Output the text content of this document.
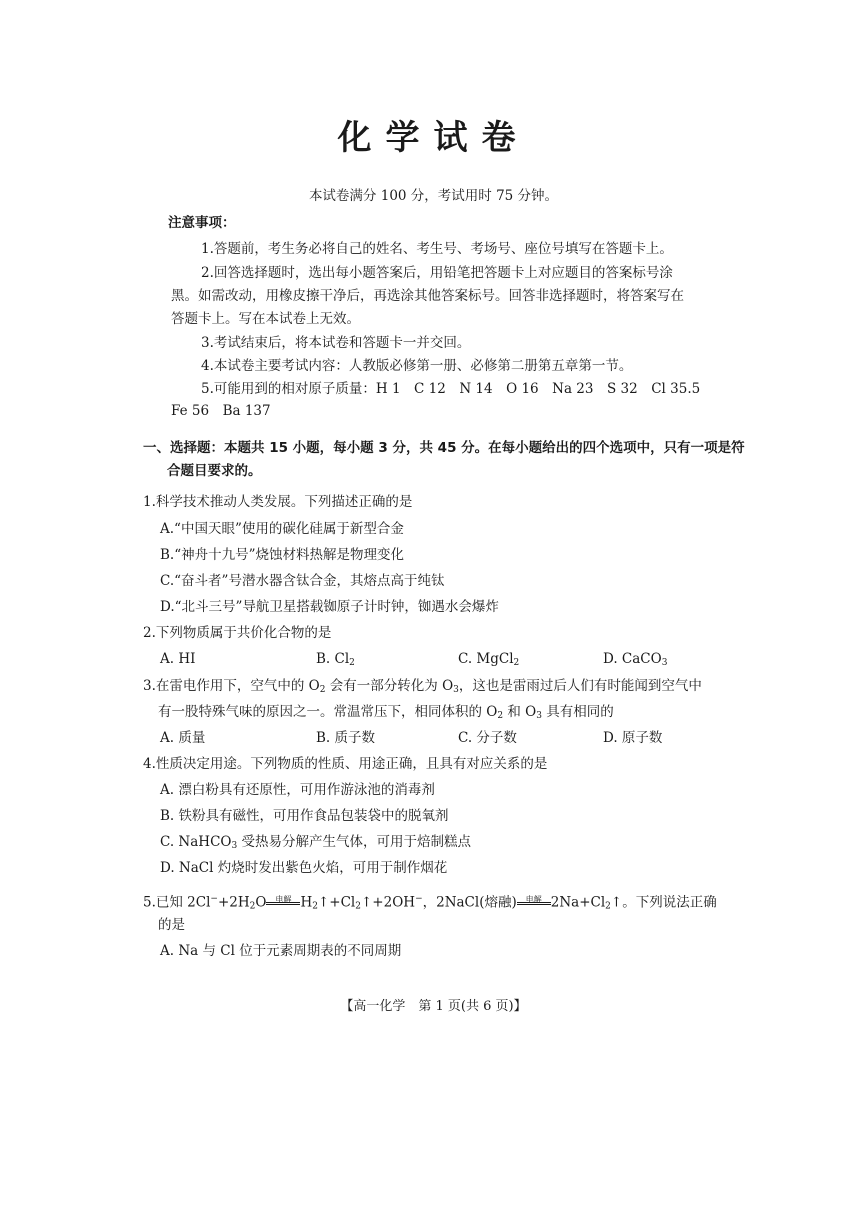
化学试卷
本试卷满分 100 分，考试用时 75 分钟。
注意事项：
1.答题前，考生务必将自己的姓名、考生号、考场号、座位号填写在答题卡上。
2.回答选择题时，选出每小题答案后，用铅笔把答题卡上对应题目的答案标号涂
黑。如需改动，用橡皮擦干净后，再选涂其他答案标号。回答非选择题时，将答案写在
答题卡上。写在本试卷上无效。
3.考试结束后，将本试卷和答题卡一并交回。
4.本试卷主要考试内容：人教版必修第一册、必修第二册第五章第一节。
5.可能用到的相对原子质量：H 1　C 12　N 14　O 16　Na 23　S 32　Cl 35.5
Fe 56　Ba 137
一、选择题：本题共 15 小题，每小题 3 分，共 45 分。在每小题给出的四个选项中，只有一项是符
合题目要求的。
1.科学技术推动人类发展。下列描述正确的是
A.“中国天眼”使用的碳化硅属于新型合金
B.“神舟十九号”烧蚀材料热解是物理变化
C.“奋斗者”号潜水器含钛合金，其熔点高于纯钛
D.“北斗三号”导航卫星搭载铷原子计时钟，铷遇水会爆炸
2.下列物质属于共价化合物的是
A. HI	B. $Cl_2$	C. MgCl$_2$	D. CaCO$_3$
3.在雷电作用下，空气中的 $O_2$ 会有一部分转化为 $O_3$，这也是雷雨过后人们有时能闻到空气中
有一股特殊气味的原因之一。常温常压下，相同体积的 $O_2$ 和 $O_3$ 具有相同的
A. 质量	B. 质子数	C. 分子数	D. 原子数
4.性质决定用途。下列物质的性质、用途正确，且具有对应关系的是
A. 漂白粉具有还原性，可用作游泳池的消毒剂
B. 铁粉具有磁性，可用作食品包装袋中的脱氧剂
C. NaHCO$_3$ 受热易分解产生气体，可用于焙制糕点
D. NaCl 灼烧时发出紫色火焰，可用于制作烟花
5.已知 $2Cl^-+2H_2O$	电解 $H_2↑+Cl_2↑+2OH^-$，2NaCl(熔融)	电解 $2Na+Cl_2↑$。下列说法正确
的是
A. Na 与 Cl 位于元素周期表的不同周期
【高一化学　第 1 页(共 6 页)】
